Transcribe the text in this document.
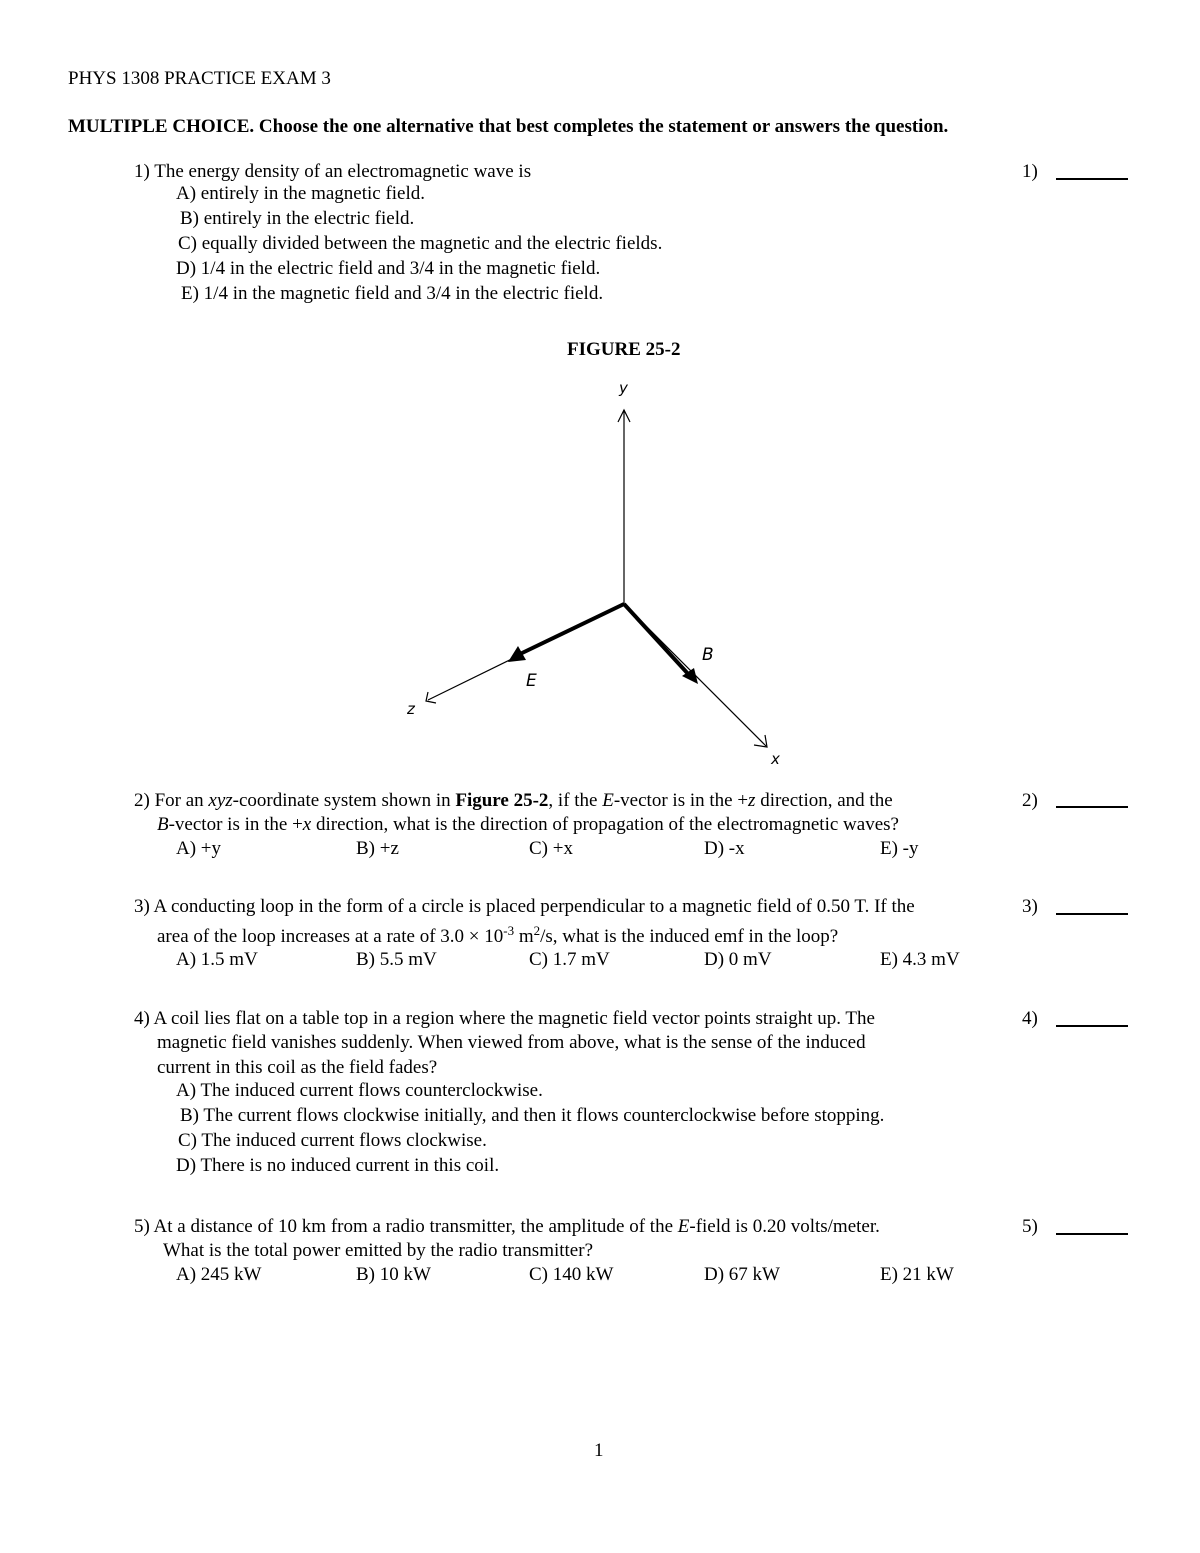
PHYS 1308 PRACTICE EXAM 3
MULTIPLE CHOICE. Choose the one alternative that best completes the statement or answers the question.
1) The energy density of an electromagnetic wave is
A) entirely in the magnetic field.
B) entirely in the electric field.
C) equally divided between the magnetic and the electric fields.
D) 1/4 in the electric field and 3/4 in the magnetic field.
E) 1/4 in the magnetic field and 3/4 in the electric field.
1)
FIGURE 25-2
y
z
x
E
B
2) For an xyz-coordinate system shown in Figure 25-2, if the E-vector is in the +z direction, and the
B-vector is in the +x direction, what is the direction of propagation of the electromagnetic waves?
A) +y	B) +z	C) +x	D) -x	E) -y
2)
3) A conducting loop in the form of a circle is placed perpendicular to a magnetic field of 0.50 T. If the
area of the loop increases at a rate of $3.0 \times 10^{-3}$ $m^2/s$, what is the induced emf in the loop?
A) 1.5 mV	B) 5.5 mV	C) 1.7 mV	D) 0 mV	E) 4.3 mV
3)
4) A coil lies flat on a table top in a region where the magnetic field vector points straight up. The
magnetic field vanishes suddenly. When viewed from above, what is the sense of the induced
current in this coil as the field fades?
A) The induced current flows counterclockwise.
B) The current flows clockwise initially, and then it flows counterclockwise before stopping.
C) The induced current flows clockwise.
D) There is no induced current in this coil.
4)
5) At a distance of 10 km from a radio transmitter, the amplitude of the E-field is 0.20 volts/meter.
What is the total power emitted by the radio transmitter?
A) 245 kW	B) 10 kW	C) 140 kW	D) 67 kW	E) 21 kW
5)
1
